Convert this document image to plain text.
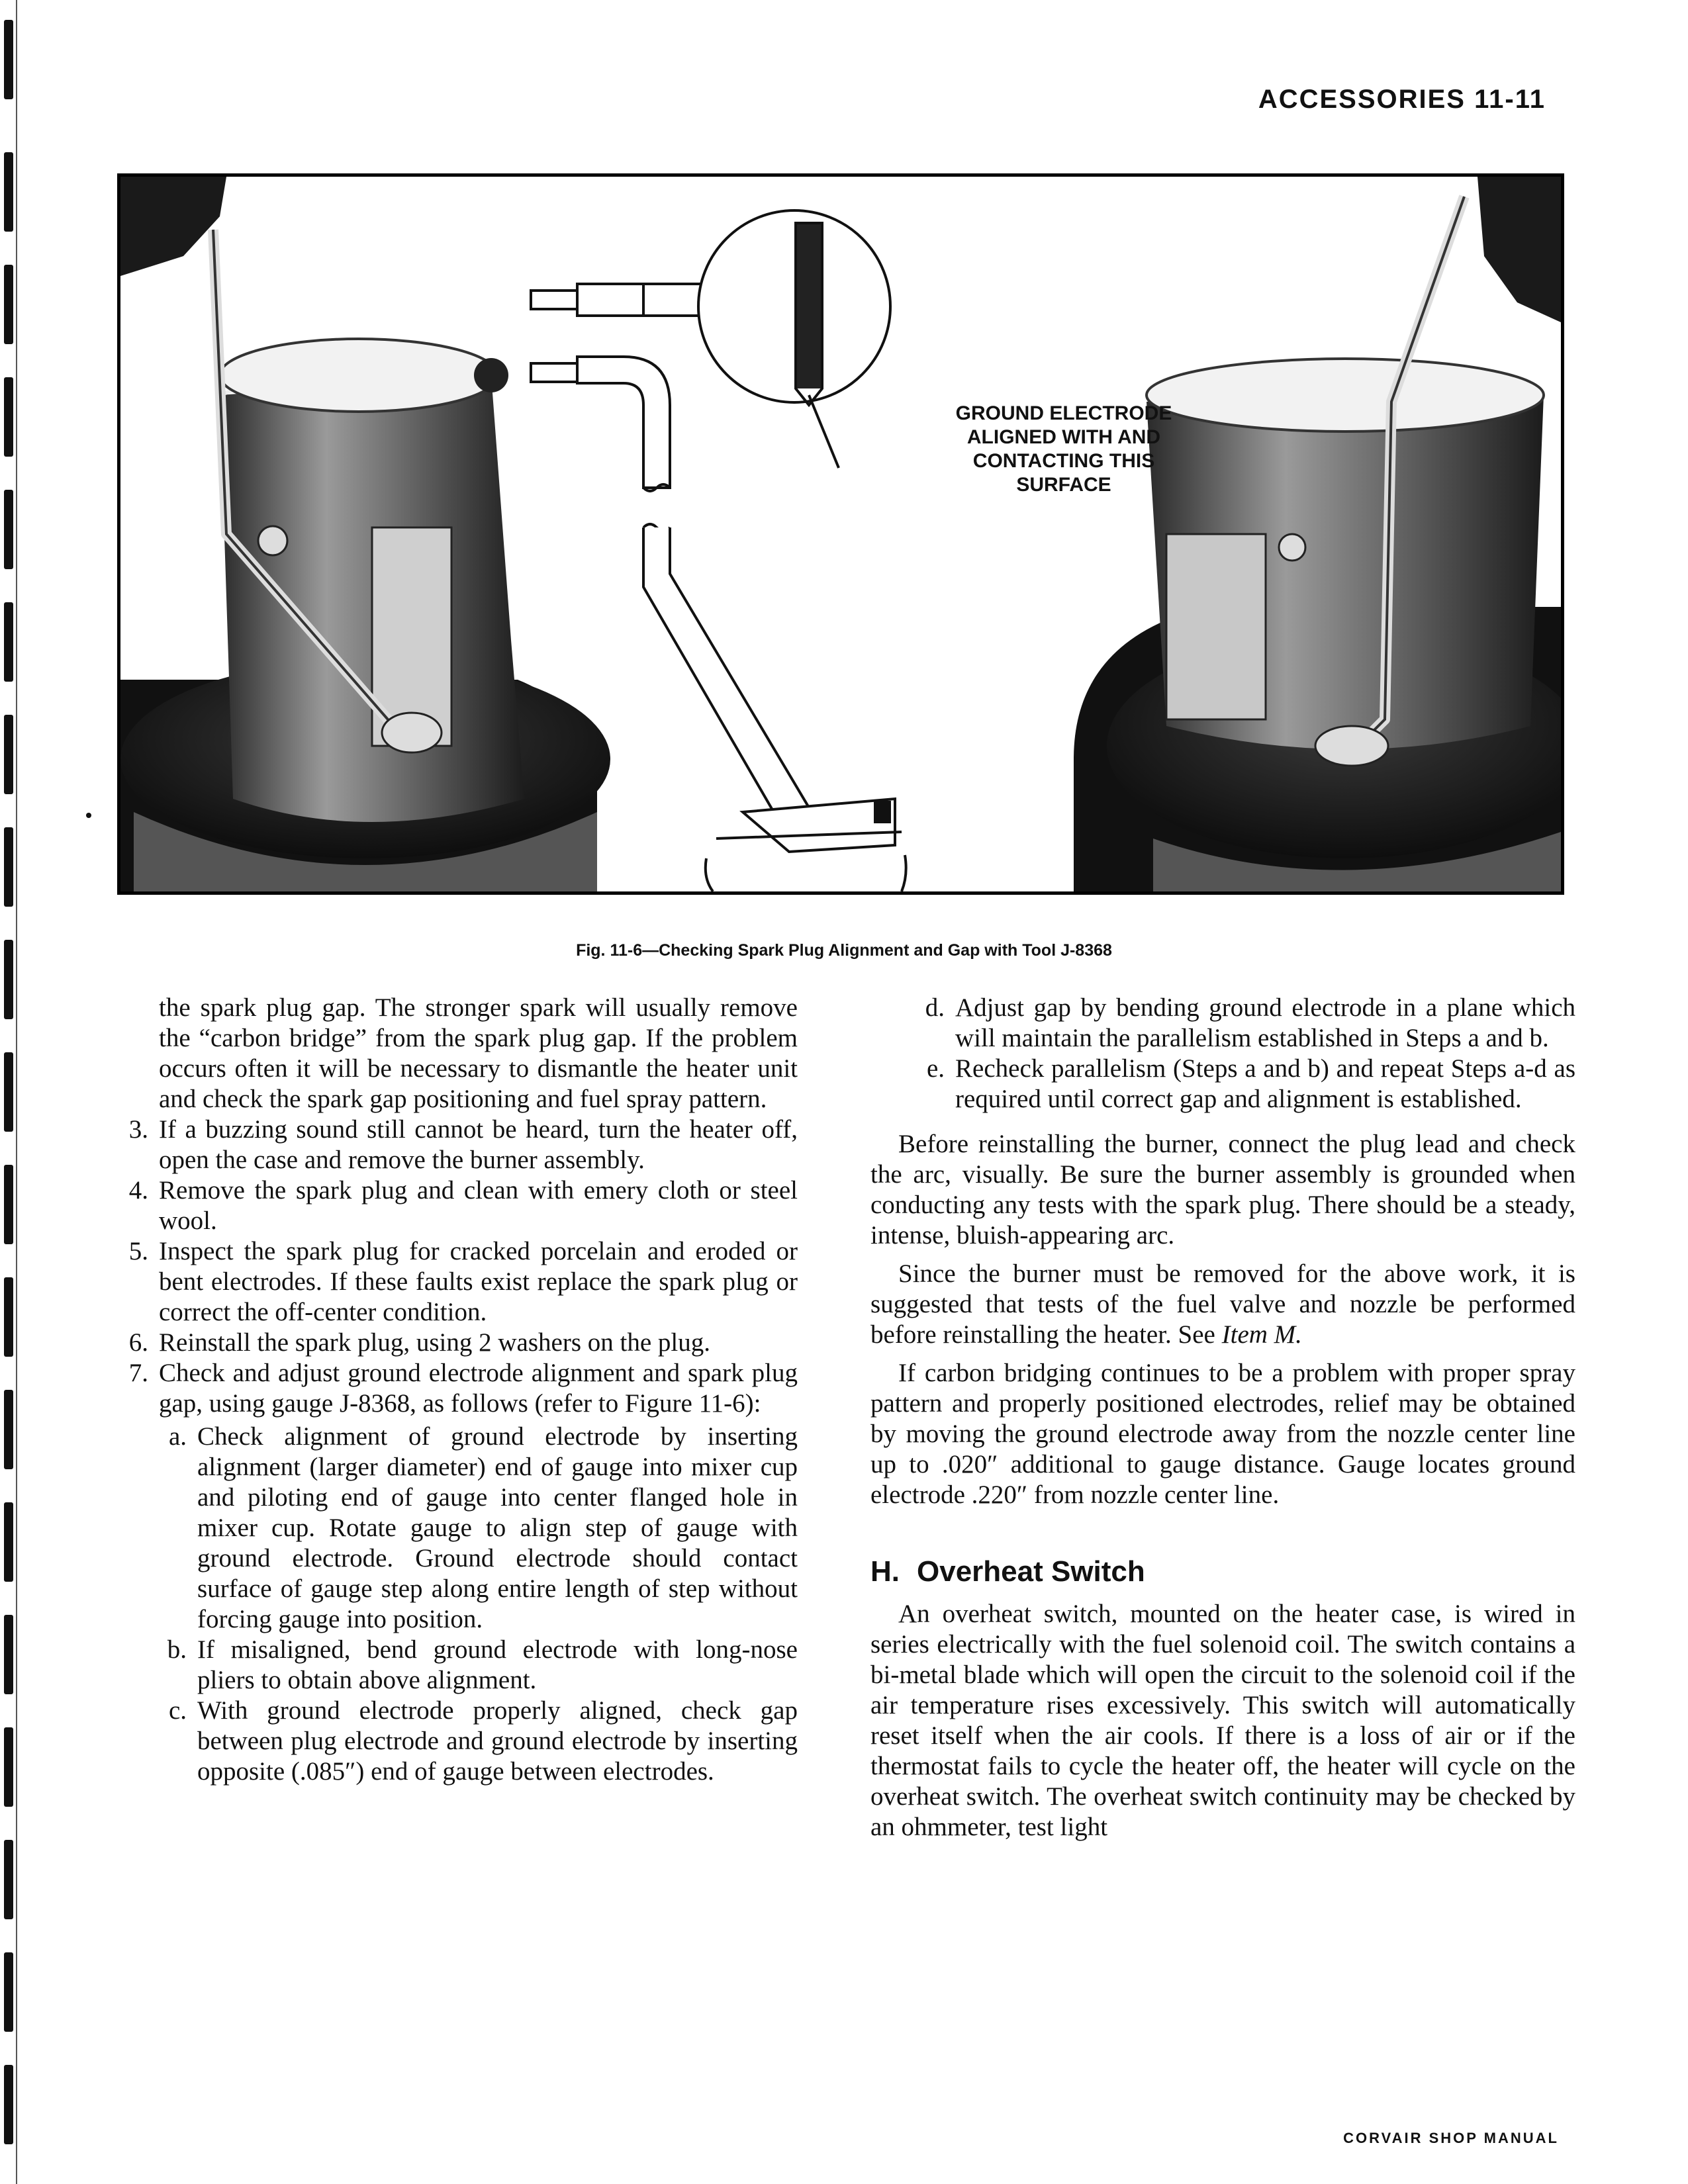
ACCESSORIES 11-11
GROUND ELECTRODE
ALIGNED WITH AND
CONTACTING THIS
SURFACE
Fig. 11-6—Checking Spark Plug Alignment and Gap with Tool J-8368
the spark plug gap. The stronger spark will usually remove the “carbon bridge” from the spark plug gap. If the problem occurs often it will be necessary to dismantle the heater unit and check the spark gap positioning and fuel spray pattern.
3. If a buzzing sound still cannot be heard, turn the heater off, open the case and remove the burner assembly.
4. Remove the spark plug and clean with emery cloth or steel wool.
5. Inspect the spark plug for cracked porcelain and eroded or bent electrodes. If these faults exist replace the spark plug or correct the off-center condition.
6. Reinstall the spark plug, using 2 washers on the plug.
7. Check and adjust ground electrode alignment and spark plug gap, using gauge J-8368, as follows (refer to Figure 11-6):
a. Check alignment of ground electrode by inserting alignment (larger diameter) end of gauge into mixer cup and piloting end of gauge into center flanged hole in mixer cup. Rotate gauge to align step of gauge with ground electrode. Ground electrode should contact surface of gauge step along entire length of step without forcing gauge into position.
b. If misaligned, bend ground electrode with long-nose pliers to obtain above alignment.
c. With ground electrode properly aligned, check gap between plug electrode and ground electrode by inserting opposite (.085″) end of gauge between electrodes.
d. Adjust gap by bending ground electrode in a plane which will maintain the parallelism established in Steps a and b.
e. Recheck parallelism (Steps a and b) and repeat Steps a-d as required until correct gap and alignment is established.

Before reinstalling the burner, connect the plug lead and check the arc, visually. Be sure the burner assembly is grounded when conducting any tests with the spark plug. There should be a steady, intense, bluish-appearing arc.

Since the burner must be removed for the above work, it is suggested that tests of the fuel valve and nozzle be performed before reinstalling the heater. See Item M.

If carbon bridging continues to be a problem with proper spray pattern and properly positioned electrodes, relief may be obtained by moving the ground electrode away from the nozzle center line up to .020″ additional to gauge distance. Gauge locates ground electrode .220″ from nozzle center line.

H. Overheat Switch

An overheat switch, mounted on the heater case, is wired in series electrically with the fuel solenoid coil. The switch contains a bi-metal blade which will open the circuit to the solenoid coil if the air temperature rises excessively. This switch will automatically reset itself when the air cools. If there is a loss of air or if the thermostat fails to cycle the heater off, the heater will cycle on the overheat switch. The overheat switch continuity may be checked by an ohmmeter, test light

CORVAIR SHOP MANUAL
